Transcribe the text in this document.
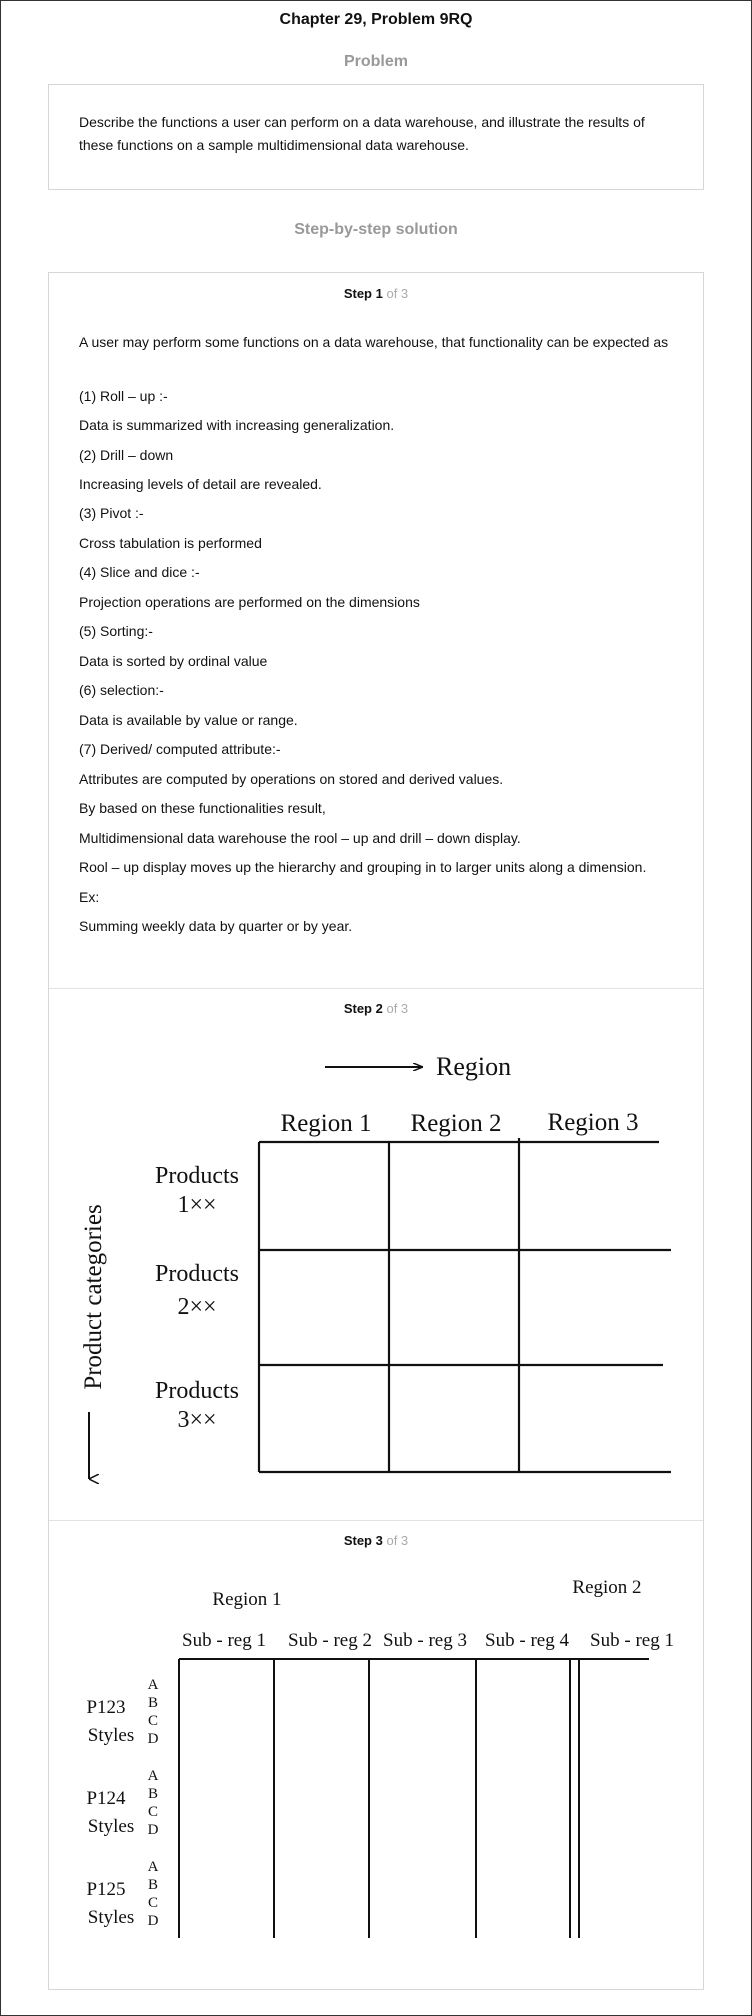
Chapter 29, Problem 9RQ
Problem
Describe the functions a user can perform on a data warehouse, and illustrate the results of these functions on a sample multidimensional data warehouse.
Step-by-step solution
Step 1 of 3
A user may perform some functions on a data warehouse, that functionality can be expected as
(1) Roll – up :-
Data is summarized with increasing generalization.
(2) Drill – down
Increasing levels of detail are revealed.
(3) Pivot :-
Cross tabulation is performed
(4) Slice and dice :-
Projection operations are performed on the dimensions
(5) Sorting:-
Data is sorted by ordinal value
(6) selection:-
Data is available by value or range.
(7) Derived/ computed attribute:-
Attributes are computed by operations on stored and derived values.
By based on these functionalities result,
Multidimensional data warehouse the rool – up and drill – down display.
Rool – up display moves up the hierarchy and grouping in to larger units along a dimension.
Ex:
Summing weekly data by quarter or by year.
Step 2 of 3
Region
Region 1 Region 2 Region 3
Products
1××
Products
2××
Products
3××
Product categories
Step 3 of 3
Region 1
Region 2
Sub - reg 1 Sub - reg 2 Sub - reg 3 Sub - reg 4 Sub - reg 1
P123
Styles
A
B
C
D
P124
Styles
A
B
C
D
P125
Styles
A
B
C
D
